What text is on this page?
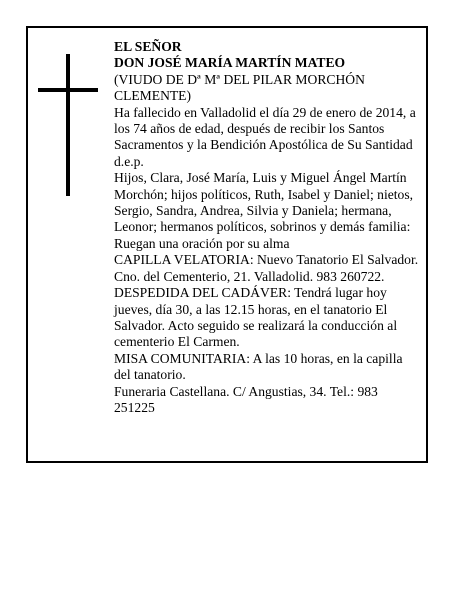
EL SEÑOR

DON JOSÉ MARÍA MARTÍN MATEO

(VIUDO DE Dª Mª DEL PILAR MORCHÓN CLEMENTE)

Ha fallecido en Valladolid el día 29 de enero de 2014, a los 74 años de edad, después de recibir los Santos Sacramentos y la Bendición Apostólica de Su Santidad d.e.p.

Hijos, Clara, José María, Luis y Miguel Ángel Martín Morchón; hijos políticos, Ruth, Isabel y Daniel; nietos, Sergio, Sandra, Andrea, Silvia y Daniela; hermana, Leonor; hermanos políticos, sobrinos y demás familia:

Ruegan una oración por su alma

CAPILLA VELATORIA: Nuevo Tanatorio El Salvador. Cno. del Cementerio, 21. Valladolid. 983 260722.

DESPEDIDA DEL CADÁVER: Tendrá lugar hoy jueves, día 30, a las 12.15 horas, en el tanatorio El Salvador. Acto seguido se realizará la conducción al cementerio El Carmen.

MISA COMUNITARIA: A las 10 horas, en la capilla del tanatorio.

Funeraria Castellana. C/ Angustias, 34. Tel.: 983 251225
